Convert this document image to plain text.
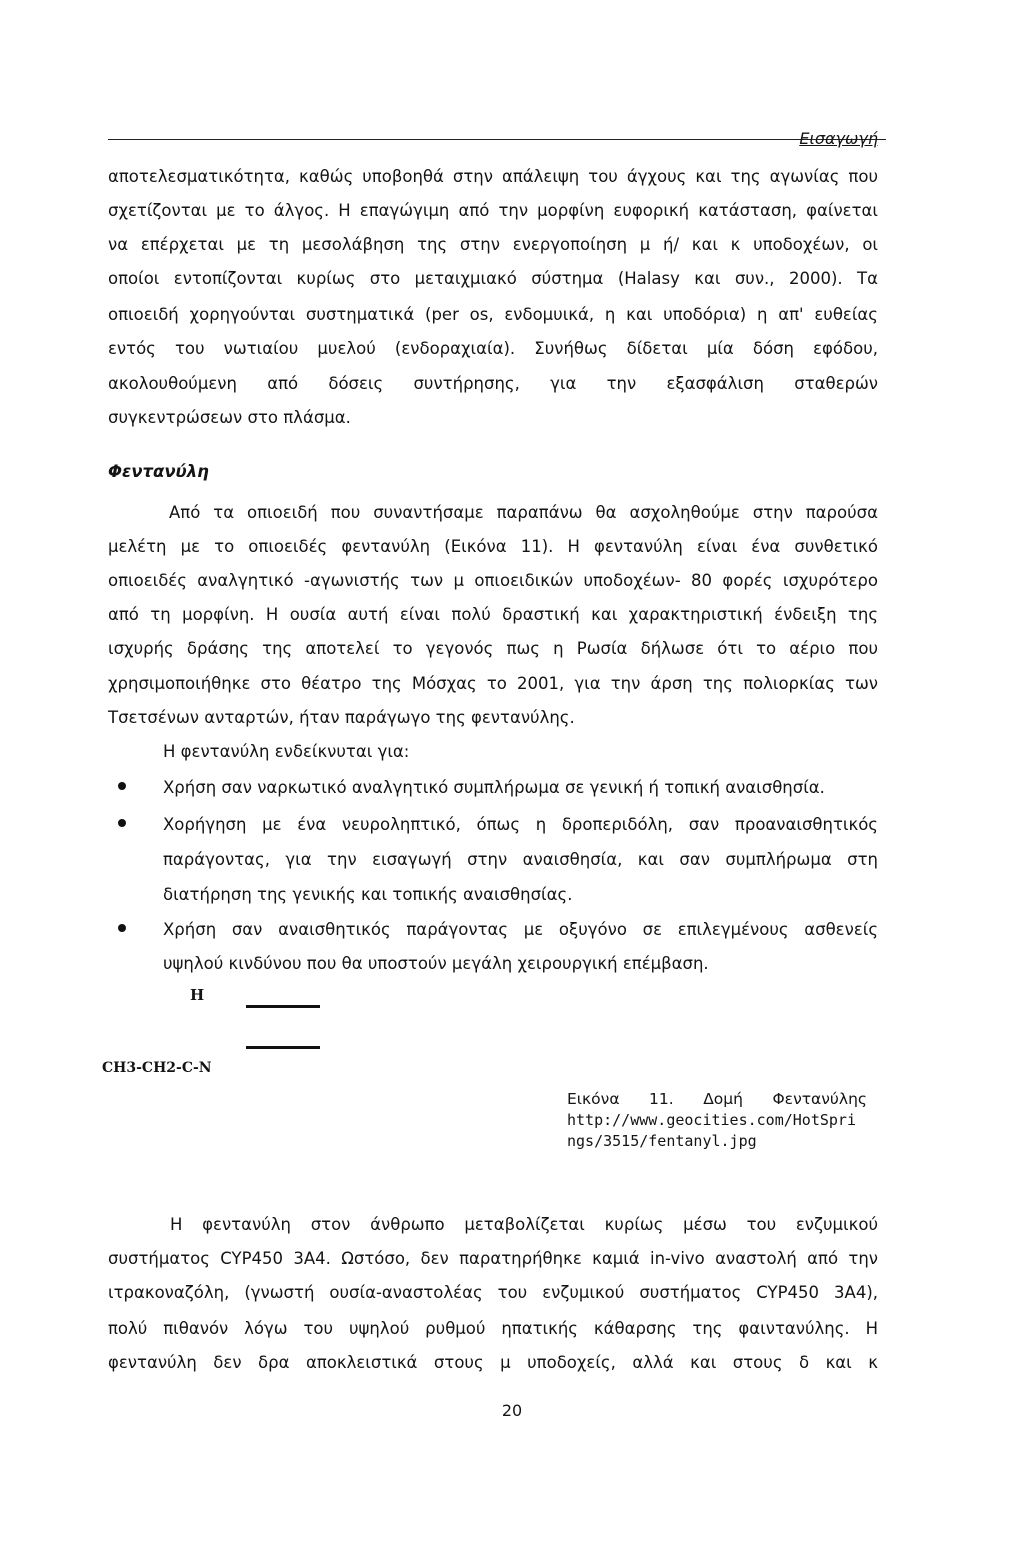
Εισαγωγή
αποτελεσματικότητα, καθώς υποβοηθά στην απάλειψη του άγχους και της αγωνίας που
σχετίζονται με το άλγος. Η επαγώγιμη από την μορφίνη ευφορική κατάσταση, φαίνεται
να επέρχεται με τη μεσολάβηση της στην ενεργοποίηση μ ή/ και κ υποδοχέων, οι
οποίοι εντοπίζονται κυρίως στο μεταιχμιακό σύστημα (Halasy και συν., 2000). Τα
οπιοειδή χορηγούνται συστηματικά (per os, ενδομυικά, η και υποδόρια) η απ' ευθείας
εντός του νωτιαίου μυελού (ενδοραχιαία). Συνήθως δίδεται μία δόση εφόδου,
ακολουθούμενη από δόσεις συντήρησης, για την εξασφάλιση σταθερών
συγκεντρώσεων στο πλάσμα.
Φεντανύλη
Από τα οπιοειδή που συναντήσαμε παραπάνω θα ασχοληθούμε στην παρούσα
μελέτη με το οπιοειδές φεντανύλη (Εικόνα 11). Η φεντανύλη είναι ένα συνθετικό
οπιοειδές αναλγητικό -αγωνιστής των μ οπιοειδικών υποδοχέων- 80 φορές ισχυρότερο
από τη μορφίνη. Η ουσία αυτή είναι πολύ δραστική και χαρακτηριστική ένδειξη της
ισχυρής δράσης της αποτελεί το γεγονός πως η Ρωσία δήλωσε ότι το αέριο που
χρησιμοποιήθηκε στο θέατρο της Μόσχας το 2001, για την άρση της πολιορκίας των
Τσετσένων ανταρτών, ήταν παράγωγο της φεντανύλης.
Η φεντανύλη ενδείκνυται για:
Χρήση σαν ναρκωτικό αναλγητικό συμπλήρωμα σε γενική ή τοπική αναισθησία.
Χορήγηση με ένα νευροληπτικό, όπως η δροπεριδόλη, σαν προαναισθητικός
παράγοντας, για την εισαγωγή στην αναισθησία, και σαν συμπλήρωμα στη
διατήρηση της γενικής και τοπικής αναισθησίας.
Χρήση σαν αναισθητικός παράγοντας με οξυγόνο σε επιλεγμένους ασθενείς
υψηλού κινδύνου που θα υποστούν μεγάλη χειρουργική επέμβαση.
H
CH3-CH2-C-N
Εικόνα 11. Δομή Φεντανύλης
http://www.geocities.com/HotSpri
ngs/3515/fentanyl.jpg
Η φεντανύλη στον άνθρωπο μεταβολίζεται κυρίως μέσω του ενζυμικού
συστήματος CYP450 3A4. Ωστόσο, δεν παρατηρήθηκε καμιά in-vivo αναστολή από την
ιτρακοναζόλη, (γνωστή ουσία-αναστολέας του ενζυμικού συστήματος CYP450 3A4),
πολύ πιθανόν λόγω του υψηλού ρυθμού ηπατικής κάθαρσης της φαιντανύλης. Η
φεντανύλη δεν δρα αποκλειστικά στους μ υποδοχείς, αλλά και στους δ και κ
20
